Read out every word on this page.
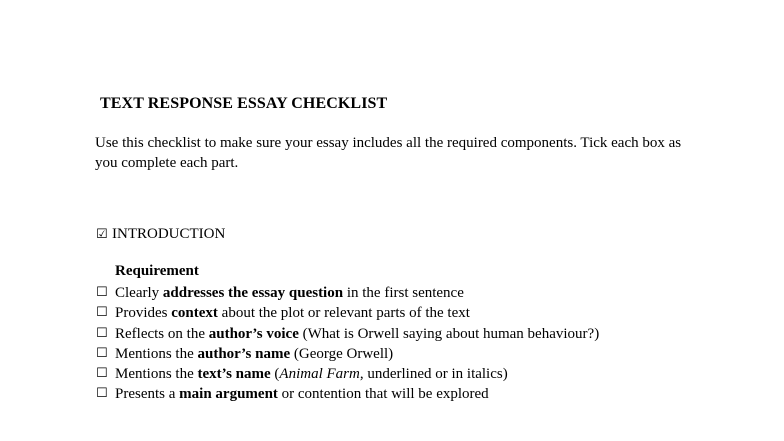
TEXT RESPONSE ESSAY CHECKLIST
Use this checklist to make sure your essay includes all the required components. Tick each box as you complete each part.
☑ INTRODUCTION
Requirement
☐ Clearly addresses the essay question in the first sentence
☐ Provides context about the plot or relevant parts of the text
☐ Reflects on the author’s voice (What is Orwell saying about human behaviour?)
☐ Mentions the author’s name (George Orwell)
☐ Mentions the text’s name (Animal Farm, underlined or in italics)
☐ Presents a main argument or contention that will be explored
